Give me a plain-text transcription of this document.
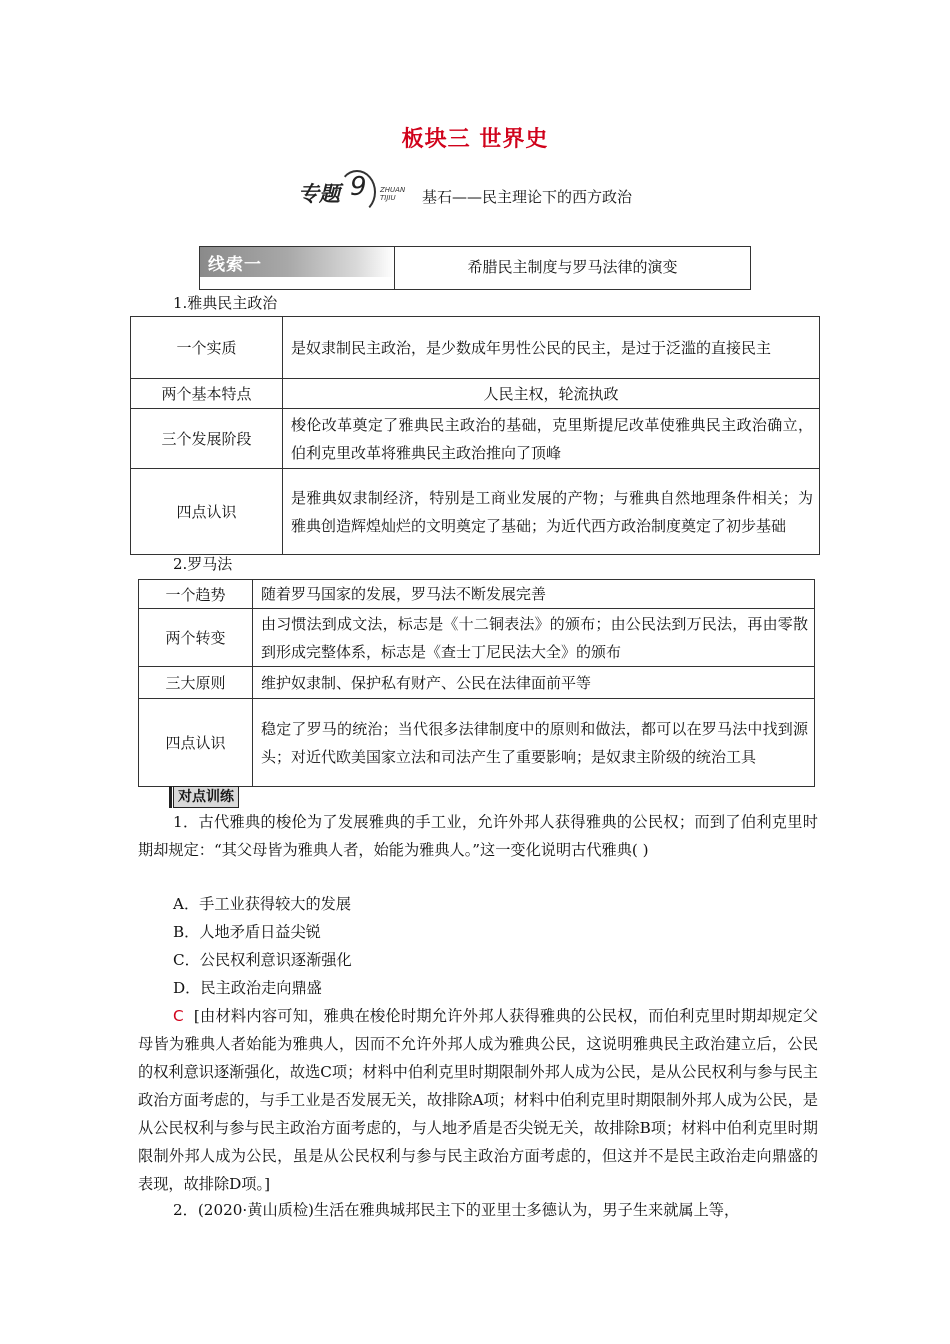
板块三 世界史
专题 9 ZHUAN
TIJIU	基石——民主理论下的西方政治
线索一	希腊民主制度与罗马法律的演变
1.雅典民主政治
一个实质	是奴隶制民主政治，是少数成年男性公民的民主，是过于泛滥的直接民主
两个基本特点	人民主权，轮流执政
三个发展阶段	梭伦改革奠定了雅典民主政治的基础，克里斯提尼改革使雅典民主政治确立，伯利克里改革将雅典民主政治推向了顶峰
四点认识	是雅典奴隶制经济，特别是工商业发展的产物；与雅典自然地理条件相关；为雅典创造辉煌灿烂的文明奠定了基础；为近代西方政治制度奠定了初步基础
2.罗马法
一个趋势	随着罗马国家的发展，罗马法不断发展完善
两个转变	由习惯法到成文法，标志是《十二铜表法》的颁布；由公民法到万民法，再由零散到形成完整体系，标志是《查士丁尼民法大全》的颁布
三大原则	维护奴隶制、保护私有财产、公民在法律面前平等
四点认识	稳定了罗马的统治；当代很多法律制度中的原则和做法，都可以在罗马法中找到源头；对近代欧美国家立法和司法产生了重要影响；是奴隶主阶级的统治工具
对点训练
1．古代雅典的梭伦为了发展雅典的手工业，允许外邦人获得雅典的公民权；而到了伯利克里时期却规定：“其父母皆为雅典人者，始能为雅典人。”这一变化说明古代雅典( )
A．手工业获得较大的发展
B．人地矛盾日益尖锐
C．公民权利意识逐渐强化
D．民主政治走向鼎盛
C [由材料内容可知，雅典在梭伦时期允许外邦人获得雅典的公民权，而伯利克里时期却规定父母皆为雅典人者始能为雅典人，因而不允许外邦人成为雅典公民，这说明雅典民主政治建立后，公民的权利意识逐渐强化，故选C项；材料中伯利克里时期限制外邦人成为公民，是从公民权利与参与民主政治方面考虑的，与手工业是否发展无关，故排除A项；材料中伯利克里时期限制外邦人成为公民，是从公民权利与参与民主政治方面考虑的，与人地矛盾是否尖锐无关，故排除B项；材料中伯利克里时期限制外邦人成为公民，虽是从公民权利与参与民主政治方面考虑的，但这并不是民主政治走向鼎盛的表现，故排除D项。]
2．(2020·黄山质检)生活在雅典城邦民主下的亚里士多德认为，男子生来就属上等，
